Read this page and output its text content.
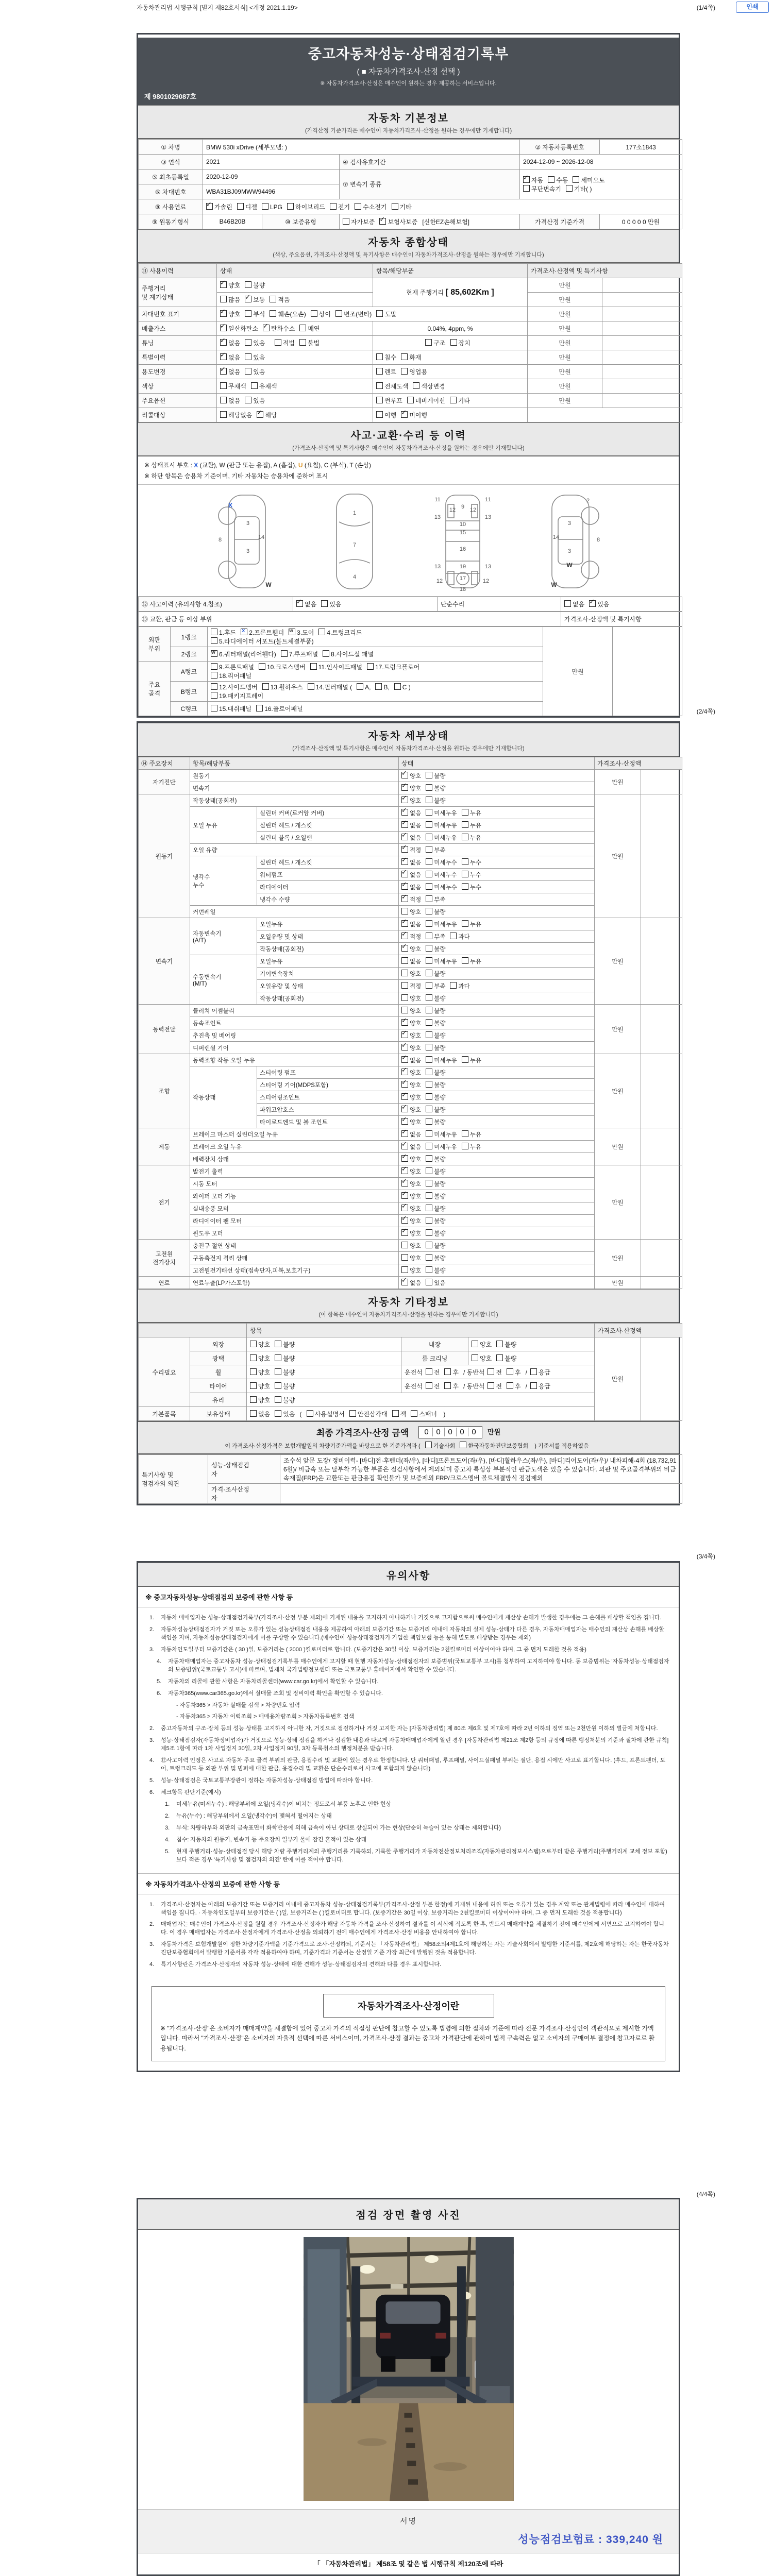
자동차관리법 시행규칙 [별지 제82호서식] <개정 2021.1.19>	(1/4쪽)	인쇄
중고자동차성능·상태점검기록부
( ■ 자동차가격조사·산정 선택 )
※ 자동차가격조사·산정은 매수인이 원하는 경우 제공하는 서비스입니다.
제 9801029087호
자동차 기본정보
(가격산정 기준가격은 매수인이 자동차가격조사·산정을 원하는 경우에만 기재합니다)
① 차명	BMW 530i xDrive (세부모델: )			② 자동차등록번호	177소1843
③ 연식	2021		④ 검사유효기간	2024-12-09 ~ 2026-12-08	
⑤ 최초등록일	2020-12-09		⑦ 변속기 종류	✓ 자동 수동 세미오토
무단변속기 기타( )	

⑥ 차대번호	WBA31BJ09MWW94496				
⑧ 사용연료	✓ 가솔린 디젤 LPG 하이브리드 전기 수소전기 기타				
⑨ 원동기형식	B46B20B	⑩ 보증유형	자가보증 ✓ 보험사보증 [신한EZ손해보험]	가격산정 기준가격	0 0 0 0 0 만원
자동차 종합상태
(색상, 주요옵션, 가격조사·산정액 및 특기사항은 매수인이 자동차가격조사·산정을 원하는 경우에만 기재합니다)
⑪ 사용이력	상태	항목/해당부품	가격조사·산정액 및 특기사항	
주행거리
및 계기상태	✓ 양호 불량	현재 주행거리 [ 85,602Km ]	만원	
	많음 ✓ 보통 적음		만원	
차대번호 표기	✓ 양호 부식 훼손(오손) 상이 변조(변타) 도말		만원	
배출가스	✓ 일산화탄소 ✓ 탄화수소 매연	0.04%, 4ppm, %	만원	
튜닝	✓ 없음 있음 적법 불법	구조 장치	만원	
특별이력	✓ 없음 있음	침수 화재	만원	
용도변경	✓ 없음 있음	렌트 영업용	만원	
색상	무채색 유채색	전체도색 색상변경	만원	
주요옵션	없음 있음	썬루프 네비게이션 기타	만원	
리콜대상	해당없음 ✓ 해당	이행 ✓ 미이행		
사고·교환·수리 등 이력
(가격조사·산정액 및 특기사항은 매수인이 자동차가격조사·산정을 원하는 경우에만 기재합니다)
※ 상태표시 부호 : X (교환), W (판금 또는 용접), A (흠집), U (요철), C (부식), T (손상)
※ 하단 항목은 승용차 기준이며, 기타 자동차는 승용차에 준하여 표시
3
3
14
8
X
W
1
7
4
11	11
13	13
12	12
9
10
15
16
13	13
19
12	12
17
18
2
3
14	8
3
W
W
⑫ 사고이력 (유의사항 4.참조)	✓ 없음 있음	단순수리	없음 ✓ 있음
⑬ 교환, 판금 등 이상 부위	가격조사·산정액 및 특기사항
외판
부위	1랭크	
1.후드 x 2.프론트휀더 w 3.도어 4.트렁크리드
5.라디에이터 서포트(볼트체결부품)
	만원	
	2랭크	w 6.쿼터패널(리어휀다) 7.루프패널 8.사이드실 패널		
주요
골격	A랭크	
9.프론트패널 10.크로스멤버 11.인사이드패널 17.트렁크플로어
18.리어패널

	B랭크	12.사이드멤버 13.휠하우스 14.필러패널 ( A, B, C )
19.패키지트레이		

	C랭크	15.대쉬패널 16.플로어패널			(2/4쪽)
자동차 세부상태
(가격조사·산정액 및 특기사항은 매수인이 자동차가격조사·산정을 원하는 경우에만 기재합니다)
⑭ 주요장치	항목/해당부품		상태	가격조사·산정액	
자기진단	원동기		✓ 양호 불량	만원	
	변속기		✓ 양호 불량		
원동기	작동상태(공회전)		✓ 양호 불량	만원	
	오일 누유	실린더 커버(로커암 커버)	✓ 없음 미세누유 누유		
		실린더 헤드 / 개스킷	✓ 없음 미세누유 누유		
		실린더 블록 / 오일팬	✓ 없음 미세누유 누유		
	오일 유량		✓ 적정 부족		
	냉각수
누수	실린더 헤드 / 개스킷	✓ 없음 미세누수 누수		
		워터펌프	✓ 없음 미세누수 누수		
		라디에이터	✓ 없음 미세누수 누수		
		냉각수 수량	✓ 적정 부족		
	커먼레일		양호 불량		
변속기	자동변속기
(A/T)	오일누유	✓ 없음 미세누유 누유	만원	
		오일유량 및 상태	✓ 적정 부족 과다		
		작동상태(공회전)	✓ 양호 불량		
	수동변속기
(M/T)	오일누유	없음 미세누유 누유		
		기어변속장치	양호 불량		
		오일유량 및 상태	적정 부족 과다		
		작동상태(공회전)	양호 불량		
동력전달	클러치 어셈블리		양호 불량	만원	
	등속조인트		✓ 양호 불량		
	추진축 및 베어링		✓ 양호 불량		
	디퍼렌셜 기어		✓ 양호 불량		
조향	동력조향 작동 오일 누유		✓ 없음 미세누유 누유	만원	
	작동상태	스티어링 펌프	✓ 양호 불량		
		스티어링 기어(MDPS포함)	✓ 양호 불량		
		스티어링조인트	✓ 양호 불량		
		파워고압호스	✓ 양호 불량		
		타이로드엔드 및 볼 조인트	✓ 양호 불량		
제동	브레이크 마스터 실린더오일 누유		✓ 없음 미세누유 누유	만원	
	브레이크 오일 누유		✓ 없음 미세누유 누유		
	배력장치 상태		✓ 양호 불량		
전기	발전기 출력		✓ 양호 불량	만원	
	시동 모터		✓ 양호 불량		
	와이퍼 모터 기능		✓ 양호 불량		
	실내송풍 모터		✓ 양호 불량		
	라디에이터 팬 모터		✓ 양호 불량		
	윈도우 모터		✓ 양호 불량		
고전원
전기장치	충전구 절연 상태		양호 불량	만원	
	구동축전지 격리 상태		양호 불량		
	고전원전기배선 상태(접속단자,피복,보호기구)		양호 불량		
연료	연료누출(LP가스포함)		✓ 없음 있음	만원	
자동차 기타정보
(이 항목은 매수인이 자동차가격조사·산정을 원하는 경우에만 기재합니다)
		항목			가격조사·산정액	
수리필요	외장	양호 불량	내장	양호 불량	만원	
	광택	양호 불량	룸 크리닝	양호 불량		
	휠	양호 불량	운전석 전 후 / 동반석 전 후 / 응급			

	타이어	양호 불량	운전석 전 후 / 동반석 전 후 / 응급			

	유리	양호 불량				
기본품목	보유상태	없음 있음 ( 사용설명서 안전삼각대 잭 스패너 )				
최종 가격조사·산정 금액 0 0 0 0 0 만원
이 가격조사·산정가격은 보험개발원의 차량기준가액을 바탕으로 한 기준가격과 ( 기술사회 한국자동차진단보증협회 ) 기준서를 적용하였음
특기사항 및
점검자의 의견	성능·상태점검
자	조수석 앞문 도장/ 정비이력- [바디]전·후펜더(좌/우), [바디]프론트도어(좌/우), [바디]휠하우스(좌/우), [바디]리어도어(좌/우)/ 내차피해-4회 (18,732,916원)/ 비금속 또는 탈부착 가능한 부품은 점검사항에서 제외되며 중고차 특성상 부분적인 판금도색은 있을 수 있습니다. 외판 및 주요골격부위의 비금속재질(FRP)은 교환또는 판금용접 확인불가 및 보증제외 FRP/크로스멤버 볼트체결방식 점검제외
	가격·조사산정
자	
(3/4쪽)
유의사항
※ 중고자동차성능·상태점검의 보증에 관한 사항 등
1.	자동차 매매업자는 성능·상태점검기록부(가격조사·산정 부분 제외)에 기재된 내용을 고지하지 아니하거나 거짓으로 고지함으로써 매수인에게 재산상 손해가 발생한 경우에는 그 손해를 배상할 책임을 집니다.
2.	자동차성능상태점검자가 거짓 또는 오류가 있는 성능상태점검 내용을 제공하여 아래의 보증기간 또는 보증거리 이내에 자동차의 실제 성능·상태가 다른 경우, 자동차매매업자는 매수인의 재산상 손해를 배상할 책임을 지며, 자동차성능상태점검자에게 이를 구상할 수 있습니다.(매수인이 성능상태점검자가 가입한 책임보험 등을 통해 별도로 배상받는 경우는 제외)
3.	자동차인도일부터 보증기간은 ( 30 )일, 보증거리는 ( 2000 )킬로미터로 합니다. (보증기간은 30일 이상, 보증거리는 2천킬로미터 이상이어야 하며, 그 중 먼저 도래한 것을 적용)
4.	자동차매매업자는 중고자동차 성능·상태점검기록부를 매수인에게 고지할 때 현행 자동차성능·상태점검자의 보증범위(국토교통부 고시)를 첨부하여 고지하여야 합니다. 동 보증범위는 '자동차성능·상태점검자의 보증범위'(국토교통부 고시)에 따르며, 법제처 국가법령정보센터 또는 국토교통부 홈페이지에서 확인할 수 있습니다.
5.	자동차의 리콜에 관한 사항은 자동차리콜센터(www.car.go.kr)에서 확인할 수 있습니다.
6.	자동차365(www.car365.go.kr)에서 실매물 조회 및 정비이력 확인을 확인할 수 있습니다.
- 자동차365 > 자동차 실매물 검색 > 차량번호 입력
- 자동차365 > 자동차 이력조회 > 매매용차량조회 > 자동차등록번호 검색
2.	중고자동차의 구조·장치 등의 성능·상태를 고지하지 아니한 자, 거짓으로 점검하거나 거짓 고지한 자는 [자동차관리법] 제 80조 제6호 및 제7호에 따라 2년 이하의 징역 또는 2천만원 이하의 벌금에 처합니다.
3.	성능·상태점검자(자동차정비업자)가 거짓으로 성능·상태 점검을 하거나 점검한 내용과 다르게 자동차매매업자에게 알린 경우 [자동차관리법 제21조 제2항 등의 규정에 따른 행정처분의 기준과 절차에 관한 규칙] 제5조 1항에 따라 1차 사업정지 30일, 2차 사업정지 90일, 3차 등록취소의 행정처분을 받습니다.
4.	⑫사고이력 인정은 사고로 자동차 주요 골격 부위의 판금, 용접수리 및 교환이 있는 경우로 한정합니다. 단 쿼터패널, 루프패널, 사이드실패널 부위는 절단, 용접 시에만 사고로 표기합니다. (후드, 프론트펜더, 도어, 트렁크리드 등 외판 부위 및 범퍼에 대한 판금, 용접수리 및 교환은 단순수리로서 사고에 포함되지 않습니다)
5.	성능·상태점검은 국토교통부장관이 정하는 자동차성능·상태점검 방법에 따라야 합니다.
6.	체크항목 판단기준(예시)
1.	미세누유(미세누수) : 해당부위에 오일(냉각수)이 비치는 정도로서 부품 노후로 인한 현상
2.	누유(누수) : 해당부위에서 오일(냉각수)이 맺혀서 떨어지는 상태
3.	부식: 차량하부와 외판의 금속표면이 화학반응에 의해 금속이 아닌 상태로 상실되어 가는 현상(단순히 녹슬어 있는 상태는 제외합니다)
4.	침수: 자동차의 원동기, 변속기 등 주요장치 일부가 물에 잠긴 흔적이 있는 상태
5.	현재 주행거리·성능·상태점검 당시 해당 차량 주행거리계의 주행거리를 기록하되, 기록한 주행거리가 자동차전산정보처리조직(자동차관리정보시스템)으로부터 받은 주행거리(주행거리계 교체 정보 포함)보다 적은 경우 '특기사항 및 점검자의 의견' 란에 이를 적어야 합니다.
※ 자동차가격조사·산정의 보증에 관한 사항 등
1.	가격조사·산정자는 아래의 보증기간 또는 보증거리 이내에 중고자동차 성능·상태점검기록부(가격조사·산정 부분 한정)에 기재된 내용에 허위 또는 오류가 있는 경우 계약 또는 관계법령에 따라 매수인에 대하여 책임을 집니다. · 자동차인도일부터 보증기간은 ( )일, 보증거리는 ( )킬로미터로 합니다. (보증기간은 30일 이상, 보증거리는 2천킬로미터 이상이어야 하며, 그 중 먼저 도래한 것을 적용합니다)
2.	매매업자는 매수인이 가격조사·산정을 원할 경우 가격조사·산정자가 해당 자동차 가격을 조사·산정하여 결과를 이 서식에 적도록 한 후, 반드시 매매계약을 체결하기 전에 매수인에게 서면으로 고지하여야 합니다. 이 경우 매매업자는 가격조사·산정자에게 가격조사·산정을 의뢰하기 전에 매수인에게 가격조사·산정 비용을 안내하여야 합니다.
3.	자동차가격은 보험개발원이 정한 차량기준가액을 기준가격으로 조사·산정하되, 기준서는 「자동차관리법」 제58조의4제1호에 해당하는 자는 기술사회에서 발행한 기준서를, 제2호에 해당하는 자는 한국자동차진단보증협회에서 발행한 기준서를 각각 적용하여야 하며, 기준가격과 기준서는 산정일 기준 가장 최근에 발행된 것을 적용합니다.
4.	특기사항란은 가격조사·산정자의 자동차 성능·상태에 대한 견해가 성능·상태점검자의 견해와 다를 경우 표시합니다.
자동차가격조사·산정이란
※ "가격조사·산정"은 소비자가 매매계약을 체결함에 있어 중고차 가격의 적절성 판단에 참고할 수 있도록 법령에 의한 절차와 기준에 따라 전문 가격조사·산정인이 객관적으로 제시한 가액입니다. 따라서 "가격조사·산정"은 소비자의 자율적 선택에 따른 서비스이며, 가격조사·산정 결과는 중고차 가격판단에 관하여 법적 구속력은 없고 소비자의 구매여부 결정에 참고자료로 활용됩니다.
(4/4쪽)
점검 장면 촬영 사진
서명
성능점검보험료 : 339,240 원
「 「자동차관리법」 제58조 및 같은 법 시행규칙 제120조에 따라
